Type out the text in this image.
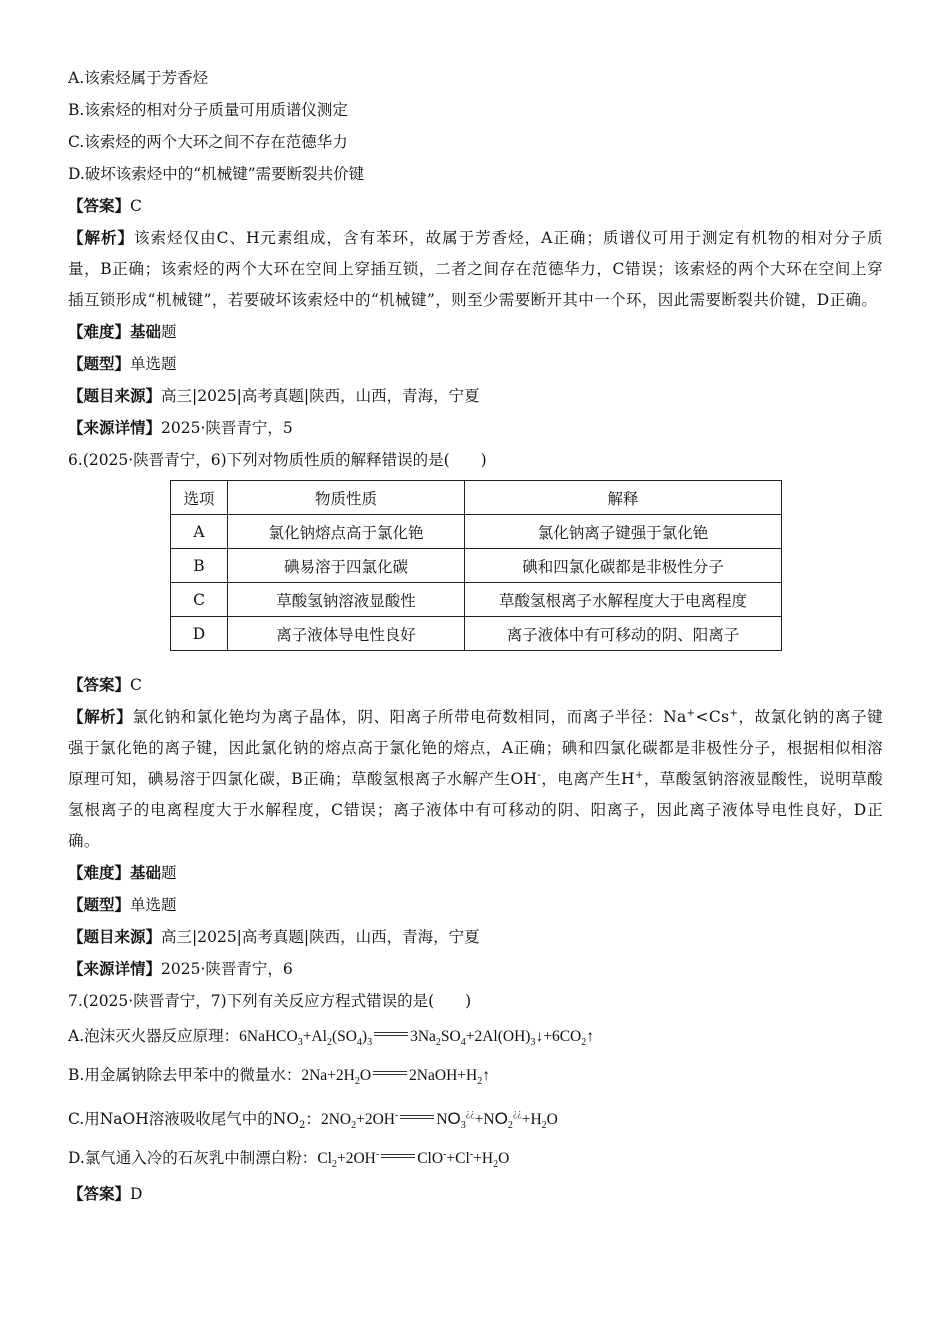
A.该索烃属于芳香烃
B.该索烃的相对分子质量可用质谱仪测定
C.该索烃的两个大环之间不存在范德华力
D.破坏该索烃中的“机械键”需要断裂共价键
【答案】C
【解析】该索烃仅由C、H元素组成，含有苯环，故属于芳香烃，A正确；质谱仪可用于测定有机物的相对分子质量，B正确；该索烃的两个大环在空间上穿插互锁，二者之间存在范德华力，C错误；该索烃的两个大环在空间上穿插互锁形成“机械键”，若要破坏该索烃中的“机械键”，则至少需要断开其中一个环，因此需要断裂共价键，D正确。
【难度】基础题
【题型】单选题
【题目来源】高三|2025|高考真题|陕西，山西，青海，宁夏
【来源详情】2025·陕晋青宁，5
6.(2025·陕晋青宁，6)下列对物质性质的解释错误的是(　　)
选项	物质性质	解释
A	氯化钠熔点高于氯化铯	氯化钠离子键强于氯化铯
B	碘易溶于四氯化碳	碘和四氯化碳都是非极性分子
C	草酸氢钠溶液显酸性	草酸氢根离子水解程度大于电离程度
D	离子液体导电性良好	离子液体中有可移动的阴、阳离子
【答案】C
【解析】氯化钠和氯化铯均为离子晶体，阴、阳离子所带电荷数相同，而离子半径：Na+<Cs+，故氯化钠的离子键强于氯化铯的离子键，因此氯化钠的熔点高于氯化铯的熔点，A正确；碘和四氯化碳都是非极性分子，根据相似相溶原理可知，碘易溶于四氯化碳，B正确；草酸氢根离子水解产生OH-，电离产生H+，草酸氢钠溶液显酸性，说明草酸氢根离子的电离程度大于水解程度，C错误；离子液体中有可移动的阴、阳离子，因此离子液体导电性良好，D正确。
【难度】基础题
【题型】单选题
【题目来源】高三|2025|高考真题|陕西，山西，青海，宁夏
【来源详情】2025·陕晋青宁，6
7.(2025·陕晋青宁，7)下列有关反应方程式错误的是(　　)
A.泡沫灭火器反应原理：$6NaHCO_3+Al_2(SO_4)_3$ $3Na_2SO_4+2Al(OH)_3↓+6CO_2↑$
B.用金属钠除去甲苯中的微量水：$2Na+2H_2O$ $2NaOH+H_2↑$
C.用NaOH溶液吸收尾气中的$NO_2$：$2NO_2+2OH^-$ $NO_3^{¿¿}+NO_2^{¿¿}+H_2O$
D.氯气通入冷的石灰乳中制漂白粉：$Cl_2+2OH^-$ $ClO^-+Cl^-+H_2O$
【答案】D
